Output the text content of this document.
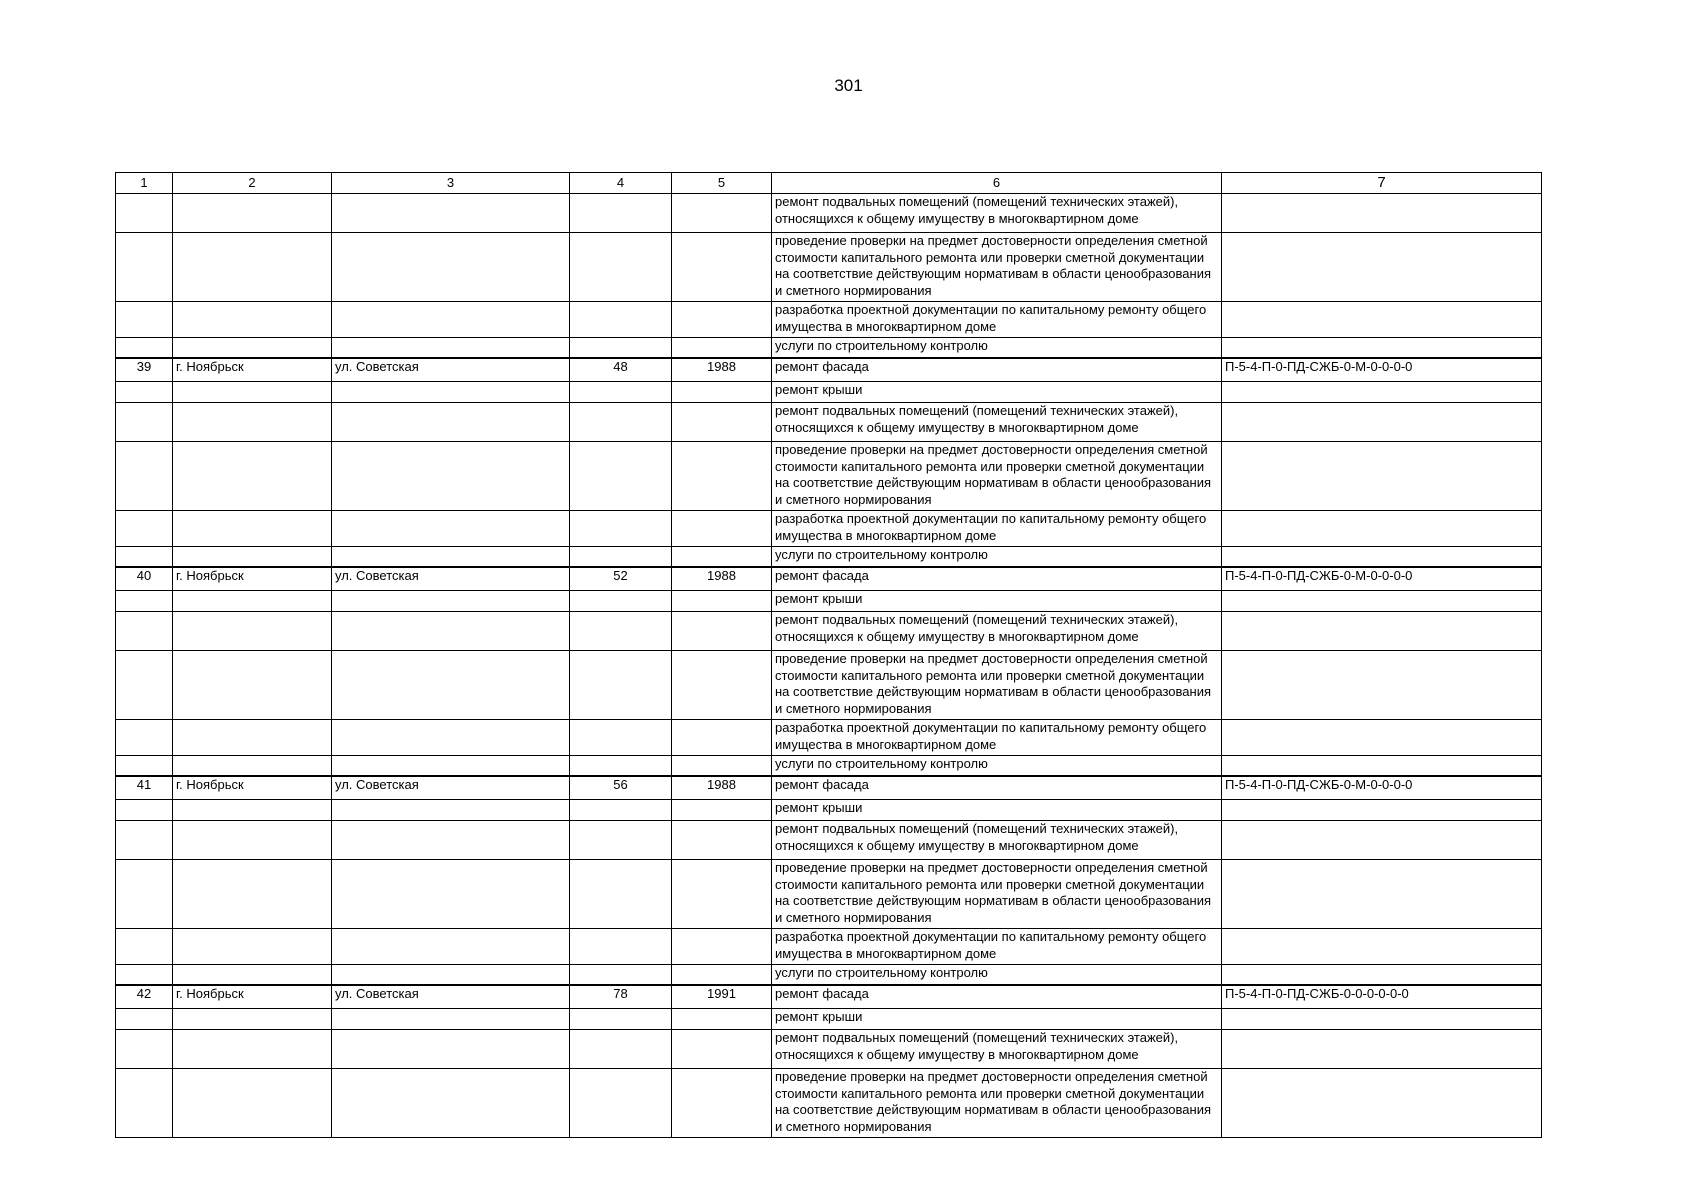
301
1	2	3	4	5	6	7
					ремонт подвальных помещений (помещений технических этажей), относящихся к общему имуществу в многоквартирном доме	
					проведение проверки на предмет достоверности определения сметной стоимости капитального ремонта или проверки сметной документации на соответствие действующим нормативам в области ценообразования и сметного нормирования	
					разработка проектной документации по капитальному ремонту общего имущества в многоквартирном доме	
					услуги по строительному контролю	
39	г. Ноябрьск	ул. Советская	48	1988	ремонт фасада	П-5-4-П-0-ПД-СЖБ-0-М-0-0-0-0
					ремонт крыши	
					ремонт подвальных помещений (помещений технических этажей), относящихся к общему имуществу в многоквартирном доме	
					проведение проверки на предмет достоверности определения сметной стоимости капитального ремонта или проверки сметной документации на соответствие действующим нормативам в области ценообразования и сметного нормирования	
					разработка проектной документации по капитальному ремонту общего имущества в многоквартирном доме	
					услуги по строительному контролю	
40	г. Ноябрьск	ул. Советская	52	1988	ремонт фасада	П-5-4-П-0-ПД-СЖБ-0-М-0-0-0-0
					ремонт крыши	
					ремонт подвальных помещений (помещений технических этажей), относящихся к общему имуществу в многоквартирном доме	
					проведение проверки на предмет достоверности определения сметной стоимости капитального ремонта или проверки сметной документации на соответствие действующим нормативам в области ценообразования и сметного нормирования	
					разработка проектной документации по капитальному ремонту общего имущества в многоквартирном доме	
					услуги по строительному контролю	
41	г. Ноябрьск	ул. Советская	56	1988	ремонт фасада	П-5-4-П-0-ПД-СЖБ-0-М-0-0-0-0
					ремонт крыши	
					ремонт подвальных помещений (помещений технических этажей), относящихся к общему имуществу в многоквартирном доме	
					проведение проверки на предмет достоверности определения сметной стоимости капитального ремонта или проверки сметной документации на соответствие действующим нормативам в области ценообразования и сметного нормирования	
					разработка проектной документации по капитальному ремонту общего имущества в многоквартирном доме	
					услуги по строительному контролю	
42	г. Ноябрьск	ул. Советская	78	1991	ремонт фасада	П-5-4-П-0-ПД-СЖБ-0-0-0-0-0-0
					ремонт крыши	
					ремонт подвальных помещений (помещений технических этажей), относящихся к общему имуществу в многоквартирном доме	
					проведение проверки на предмет достоверности определения сметной стоимости капитального ремонта или проверки сметной документации на соответствие действующим нормативам в области ценообразования и сметного нормирования	
